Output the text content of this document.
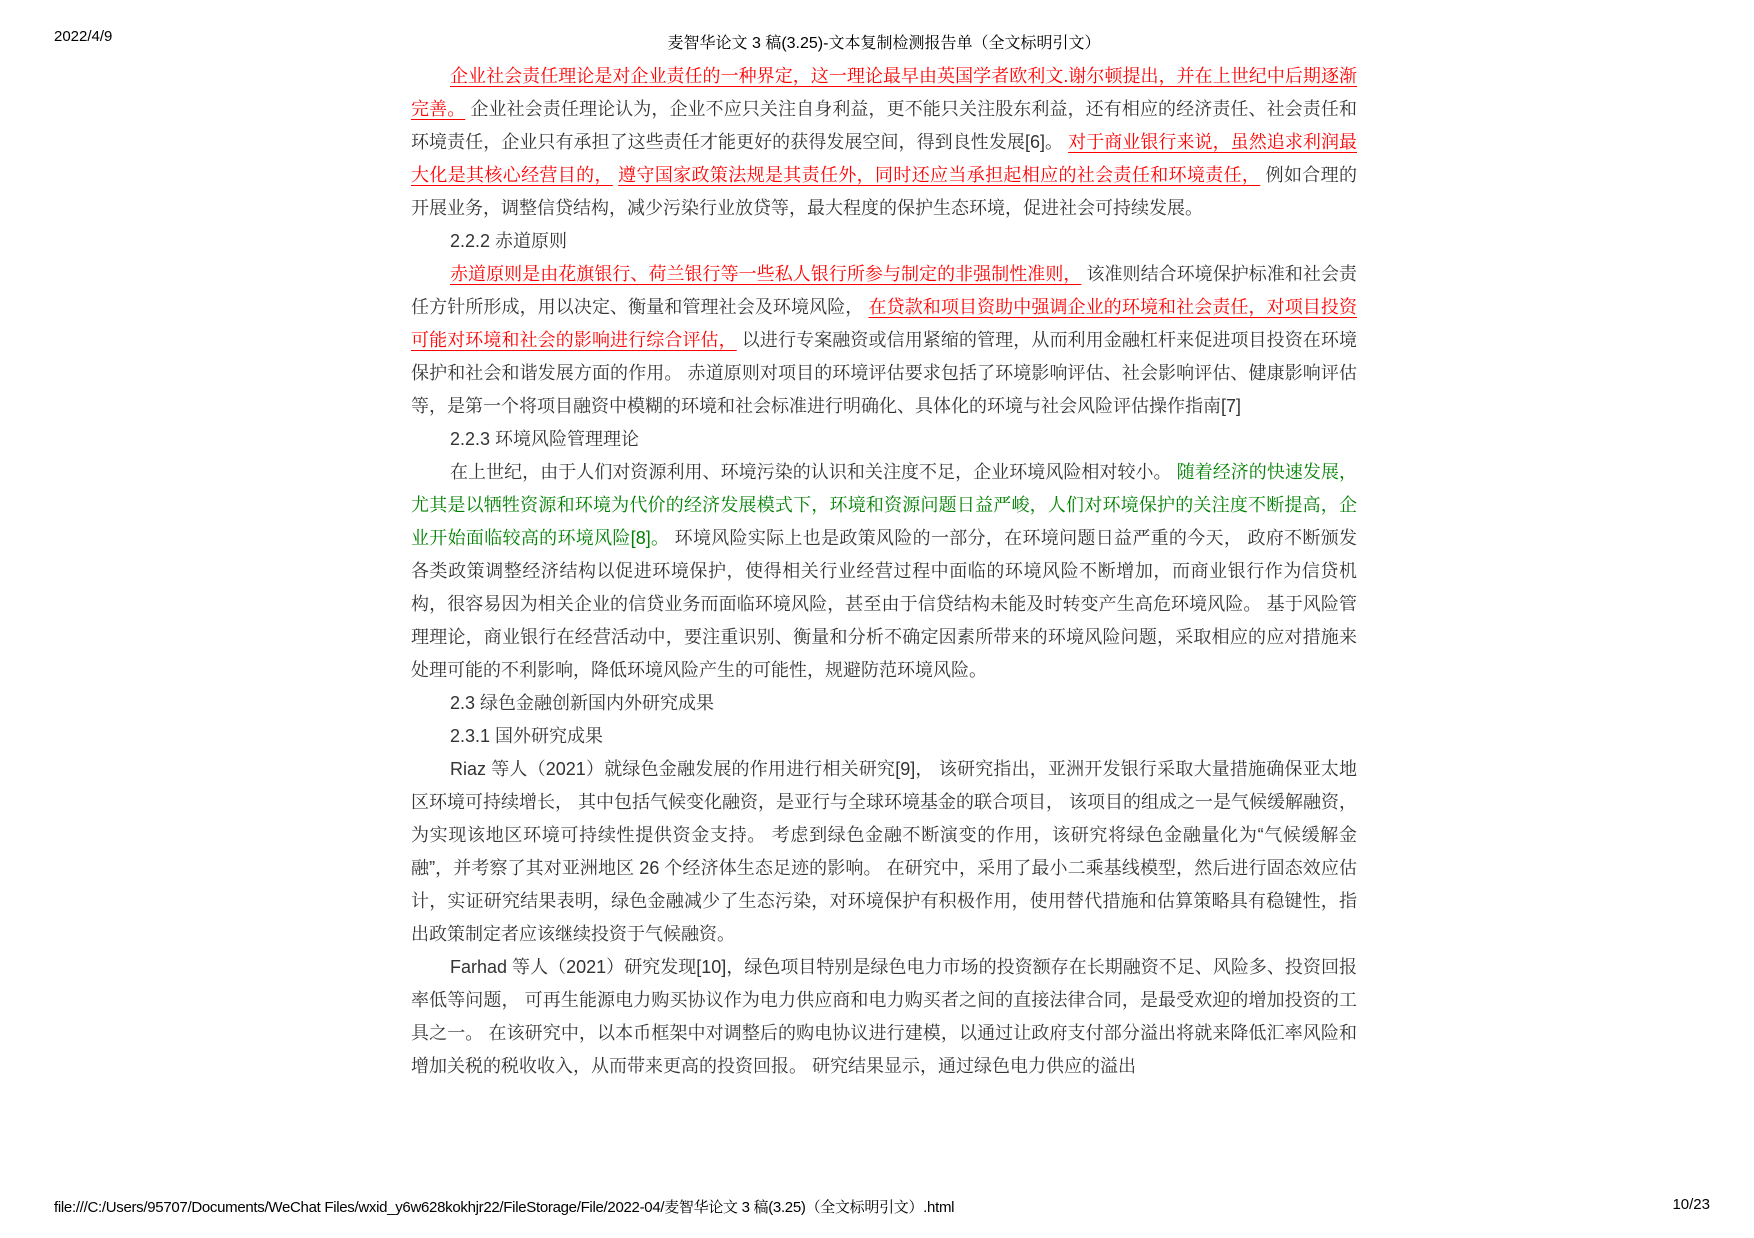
2022/4/9	麦智华论文 3 稿(3.25)-文本复制检测报告单（全文标明引文）

企业社会责任理论是对企业责任的一种界定，这一理论最早由英国学者欧利文.谢尔顿提出，并在上世纪中后期逐渐完善。 企业社会责任理论认为，企业不应只关注自身利益，更不能只关注股东利益，还有相应的经济责任、社会责任和环境责任，企业只有承担了这些责任才能更好的获得发展空间，得到良性发展[6]。 对于商业银行来说，虽然追求利润最大化是其核心经营目的， 遵守国家政策法规是其责任外，同时还应当承担起相应的社会责任和环境责任， 例如合理的开展业务，调整信贷结构，减少污染行业放贷等，最大程度的保护生态环境，促进社会可持续发展。

2.2.2 赤道原则

赤道原则是由花旗银行、荷兰银行等一些私人银行所参与制定的非强制性准则， 该准则结合环境保护标准和社会责任方针所形成，用以决定、衡量和管理社会及环境风险， 在贷款和项目资助中强调企业的环境和社会责任，对项目投资可能对环境和社会的影响进行综合评估， 以进行专案融资或信用紧缩的管理，从而利用金融杠杆来促进项目投资在环境保护和社会和谐发展方面的作用。 赤道原则对项目的环境评估要求包括了环境影响评估、社会影响评估、健康影响评估等，是第一个将项目融资中模糊的环境和社会标准进行明确化、具体化的环境与社会风险评估操作指南[7]

2.2.3 环境风险管理理论

在上世纪，由于人们对资源利用、环境污染的认识和关注度不足，企业环境风险相对较小。 随着经济的快速发展，尤其是以牺牲资源和环境为代价的经济发展模式下，环境和资源问题日益严峻，人们对环境保护的关注度不断提高，企业开始面临较高的环境风险[8]。 环境风险实际上也是政策风险的一部分，在环境问题日益严重的今天， 政府不断颁发各类政策调整经济结构以促进环境保护，使得相关行业经营过程中面临的环境风险不断增加，而商业银行作为信贷机构，很容易因为相关企业的信贷业务而面临环境风险，甚至由于信贷结构未能及时转变产生高危环境风险。 基于风险管理理论，商业银行在经营活动中，要注重识别、衡量和分析不确定因素所带来的环境风险问题，采取相应的应对措施来处理可能的不利影响，降低环境风险产生的可能性，规避防范环境风险。

2.3 绿色金融创新国内外研究成果

2.3.1 国外研究成果

Riaz 等人（2021）就绿色金融发展的作用进行相关研究[9]， 该研究指出，亚洲开发银行采取大量措施确保亚太地区环境可持续增长， 其中包括气候变化融资，是亚行与全球环境基金的联合项目， 该项目的组成之一是气候缓解融资，为实现该地区环境可持续性提供资金支持。 考虑到绿色金融不断演变的作用，该研究将绿色金融量化为“气候缓解金融”，并考察了其对亚洲地区 26 个经济体生态足迹的影响。 在研究中，采用了最小二乘基线模型，然后进行固态效应估计，实证研究结果表明，绿色金融减少了生态污染，对环境保护有积极作用，使用替代措施和估算策略具有稳键性，指出政策制定者应该继续投资于气候融资。

Farhad 等人（2021）研究发现[10]，绿色项目特别是绿色电力市场的投资额存在长期融资不足、风险多、投资回报率低等问题， 可再生能源电力购买协议作为电力供应商和电力购买者之间的直接法律合同，是最受欢迎的增加投资的工具之一。 在该研究中，以本币框架中对调整后的购电协议进行建模，以通过让政府支付部分溢出将就来降低汇率风险和增加关税的税收收入，从而带来更高的投资回报。 研究结果显示，通过绿色电力供应的溢出

file:///C:/Users/95707/Documents/WeChat Files/wxid_y6w628kokhjr22/FileStorage/File/2022-04/麦智华论文 3 稿(3.25)（全文标明引文）.html	10/23
